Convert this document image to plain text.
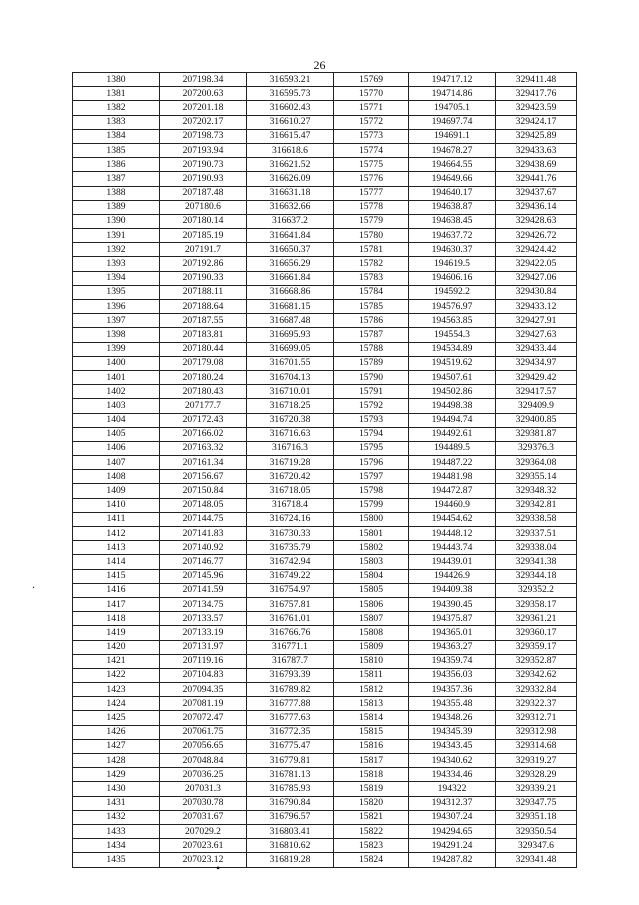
26
1380	207198.34	316593.21	15769	194717.12	329411.48
1381	207200.63	316595.73	15770	194714.86	329417.76
1382	207201.18	316602.43	15771	194705.1	329423.59
1383	207202.17	316610.27	15772	194697.74	329424.17
1384	207198.73	316615.47	15773	194691.1	329425.89
1385	207193.94	316618.6	15774	194678.27	329433.63
1386	207190.73	316621.52	15775	194664.55	329438.69
1387	207190.93	316626.09	15776	194649.66	329441.76
1388	207187.48	316631.18	15777	194640.17	329437.67
1389	207180.6	316632.66	15778	194638.87	329436.14
1390	207180.14	316637.2	15779	194638.45	329428.63
1391	207185.19	316641.84	15780	194637.72	329426.72
1392	207191.7	316650.37	15781	194630.37	329424.42
1393	207192.86	316656.29	15782	194619.5	329422.05
1394	207190.33	316661.84	15783	194606.16	329427.06
1395	207188.11	316668.86	15784	194592.2	329430.84
1396	207188.64	316681.15	15785	194576.97	329433.12
1397	207187.55	316687.48	15786	194563.85	329427.91
1398	207183.81	316695.93	15787	194554.3	329427.63
1399	207180.44	316699.05	15788	194534.89	329433.44
1400	207179.08	316701.55	15789	194519.62	329434.97
1401	207180.24	316704.13	15790	194507.61	329429.42
1402	207180.43	316710.01	15791	194502.86	329417.57
1403	207177.7	316718.25	15792	194498.38	329409.9
1404	207172.43	316720.38	15793	194494.74	329400.85
1405	207166.02	316716.63	15794	194492.61	329381.87
1406	207163.32	316716.3	15795	194489.5	329376.3
1407	207161.34	316719.28	15796	194487.22	329364.08
1408	207156.67	316720.42	15797	194481.98	329355.14
1409	207150.84	316718.05	15798	194472.87	329348.32
1410	207148.05	316718.4	15799	194460.9	329342.81
1411	207144.75	316724.16	15800	194454.62	329338.58
1412	207141.83	316730.33	15801	194448.12	329337.51
1413	207140.92	316735.79	15802	194443.74	329338.04
1414	207146.77	316742.94	15803	194439.01	329341.38
1415	207145.96	316749.22	15804	194426.9	329344.18
1416	207141.59	316754.97	15805	194409.38	329352.2
1417	207134.75	316757.81	15806	194390.45	329358.17
1418	207133.57	316761.01	15807	194375.87	329361.21
1419	207133.19	316766.76	15808	194365.01	329360.17
1420	207131.97	316771.1	15809	194363.27	329359.17
1421	207119.16	316787.7	15810	194359.74	329352.87
1422	207104.83	316793.39	15811	194356.03	329342.62
1423	207094.35	316789.82	15812	194357.36	329332.84
1424	207081.19	316777.88	15813	194355.48	329322.37
1425	207072.47	316777.63	15814	194348.26	329312.71
1426	207061.75	316772.35	15815	194345.39	329312.98
1427	207056.65	316775.47	15816	194343.45	329314.68
1428	207048.84	316779.81	15817	194340.62	329319.27
1429	207036.25	316781.13	15818	194334.46	329328.29
1430	207031.3	316785.93	15819	194322	329339.21
1431	207030.78	316790.84	15820	194312.37	329347.75
1432	207031.67	316796.57	15821	194307.24	329351.18
1433	207029.2	316803.41	15822	194294.65	329350.54
1434	207023.61	316810.62	15823	194291.24	329347.6
1435	207023.12	316819.28	15824	194287.82	329341.48
.
•
